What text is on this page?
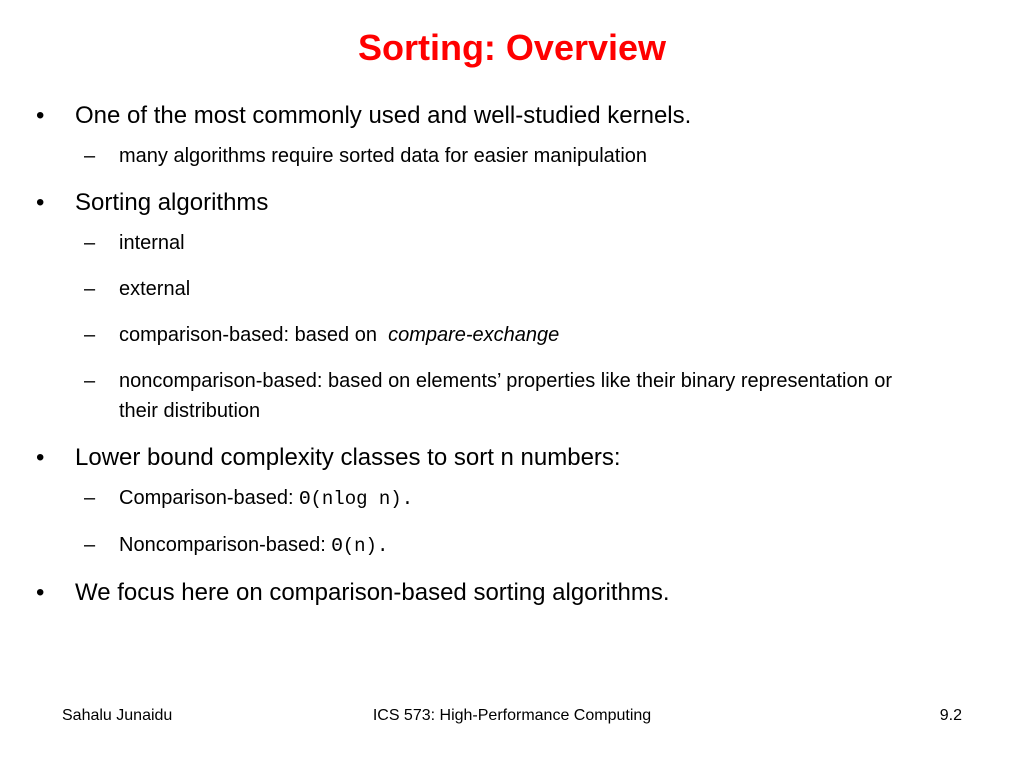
Sorting: Overview
• One of the most commonly used and well-studied kernels.
– many algorithms require sorted data for easier manipulation
• Sorting algorithms
– internal
– external
– comparison-based: based on compare-exchange
– noncomparison-based: based on elements’ properties like their binary representation or their distribution
• Lower bound complexity classes to sort n numbers:
– Comparison-based: Θ(nlog n).
– Noncomparison-based: Θ(n).
• We focus here on comparison-based sorting algorithms.
Sahalu Junaidu	ICS 573: High-Performance Computing	9.2
